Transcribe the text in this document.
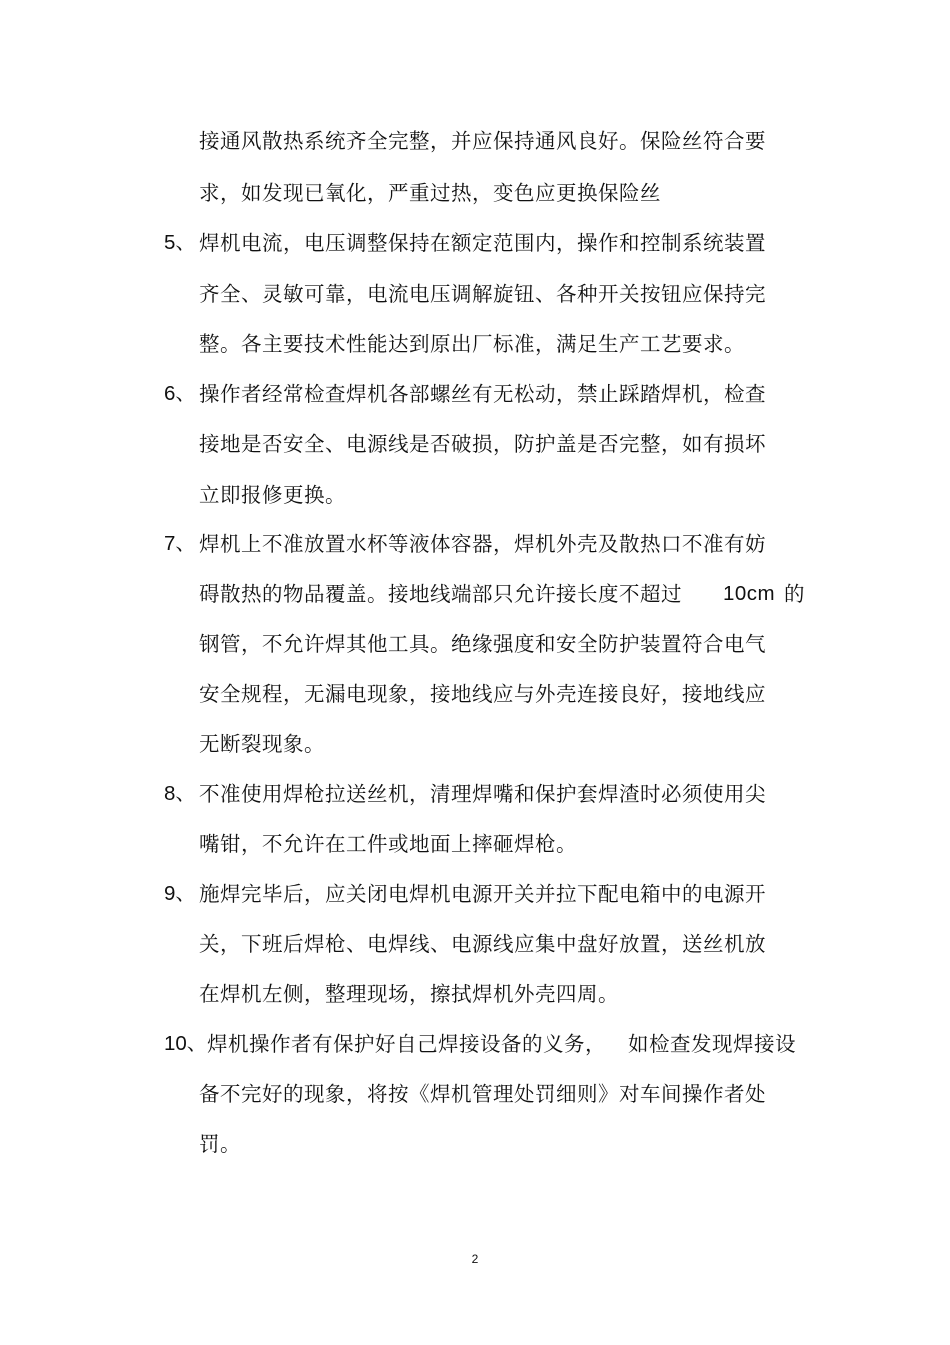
接通风散热系统齐全完整，并应保持通风良好。保险丝符合要
求，如发现已氧化，严重过热，变色应更换保险丝
5、 焊机电流，电压调整保持在额定范围内，操作和控制系统装置
齐全、灵敏可靠，电流电压调解旋钮、各种开关按钮应保持完
整。各主要技术性能达到原出厂标准，满足生产工艺要求。
6、 操作者经常检查焊机各部螺丝有无松动，禁止踩踏焊机，检查
接地是否安全、电源线是否破损，防护盖是否完整，如有损坏
立即报修更换。
7、 焊机上不准放置水杯等液体容器，焊机外壳及散热口不准有妨
碍散热的物品覆盖。接地线端部只允许接长度不超过 10cm 的
钢管，不允许焊其他工具。绝缘强度和安全防护装置符合电气
安全规程，无漏电现象，接地线应与外壳连接良好，接地线应
无断裂现象。
8、 不准使用焊枪拉送丝机，清理焊嘴和保护套焊渣时必须使用尖
嘴钳，不允许在工件或地面上摔砸焊枪。
9、 施焊完毕后，应关闭电焊机电源开关并拉下配电箱中的电源开
关，下班后焊枪、电焊线、电源线应集中盘好放置，送丝机放
在焊机左侧，整理现场，擦拭焊机外壳四周。
10、 焊机操作者有保护好自己焊接设备的义务， 如检查发现焊接设
备不完好的现象，将按《焊机管理处罚细则》对车间操作者处
罚。
2
